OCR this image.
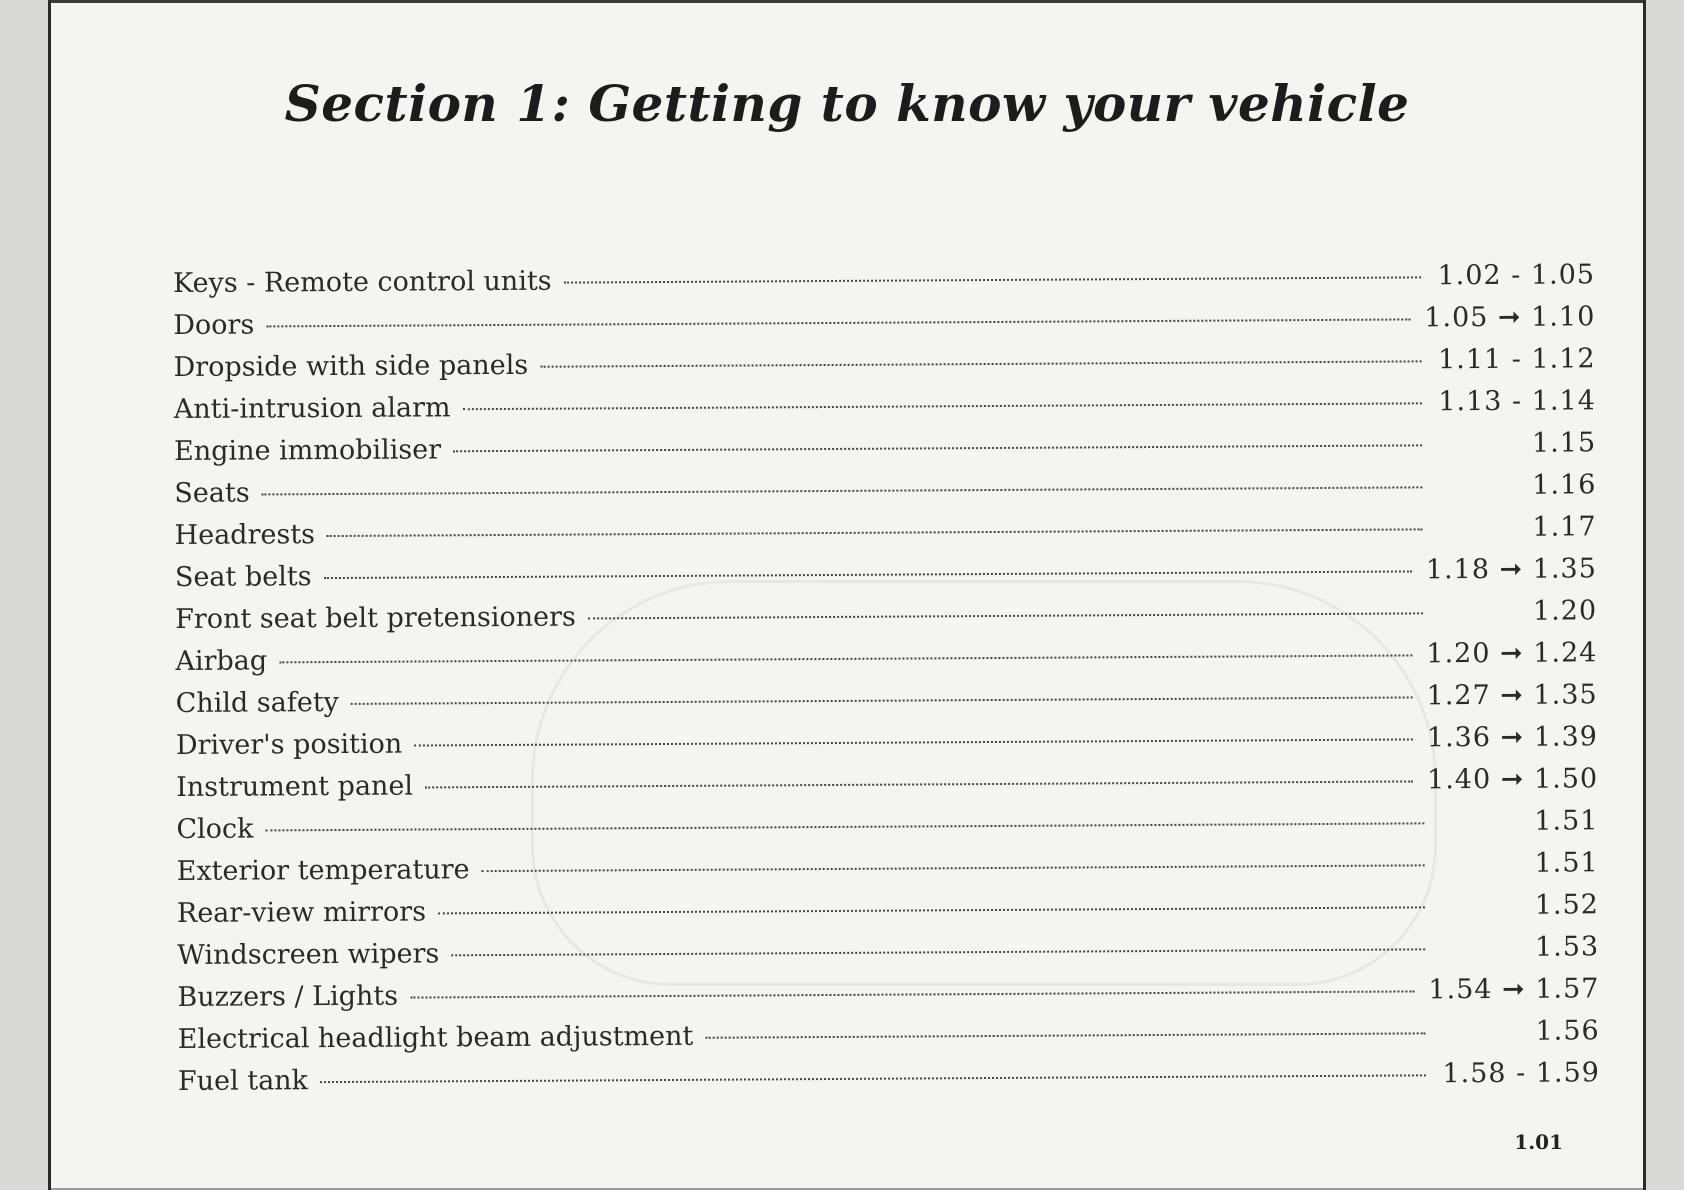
Section 1: Getting to know your vehicle
Keys - Remote control units	1.02 - 1.05
Doors	1.05 ➞ 1.10
Dropside with side panels	1.11 - 1.12
Anti-intrusion alarm	1.13 - 1.14
Engine immobiliser	1.15
Seats	1.16
Headrests	1.17
Seat belts	1.18 ➞ 1.35
Front seat belt pretensioners	1.20
Airbag	1.20 ➞ 1.24
Child safety	1.27 ➞ 1.35
Driver's position	1.36 ➞ 1.39
Instrument panel	1.40 ➞ 1.50
Clock	1.51
Exterior temperature	1.51
Rear-view mirrors	1.52
Windscreen wipers	1.53
Buzzers / Lights	1.54 ➞ 1.57
Electrical headlight beam adjustment	1.56
Fuel tank	1.58 - 1.59
1.01
